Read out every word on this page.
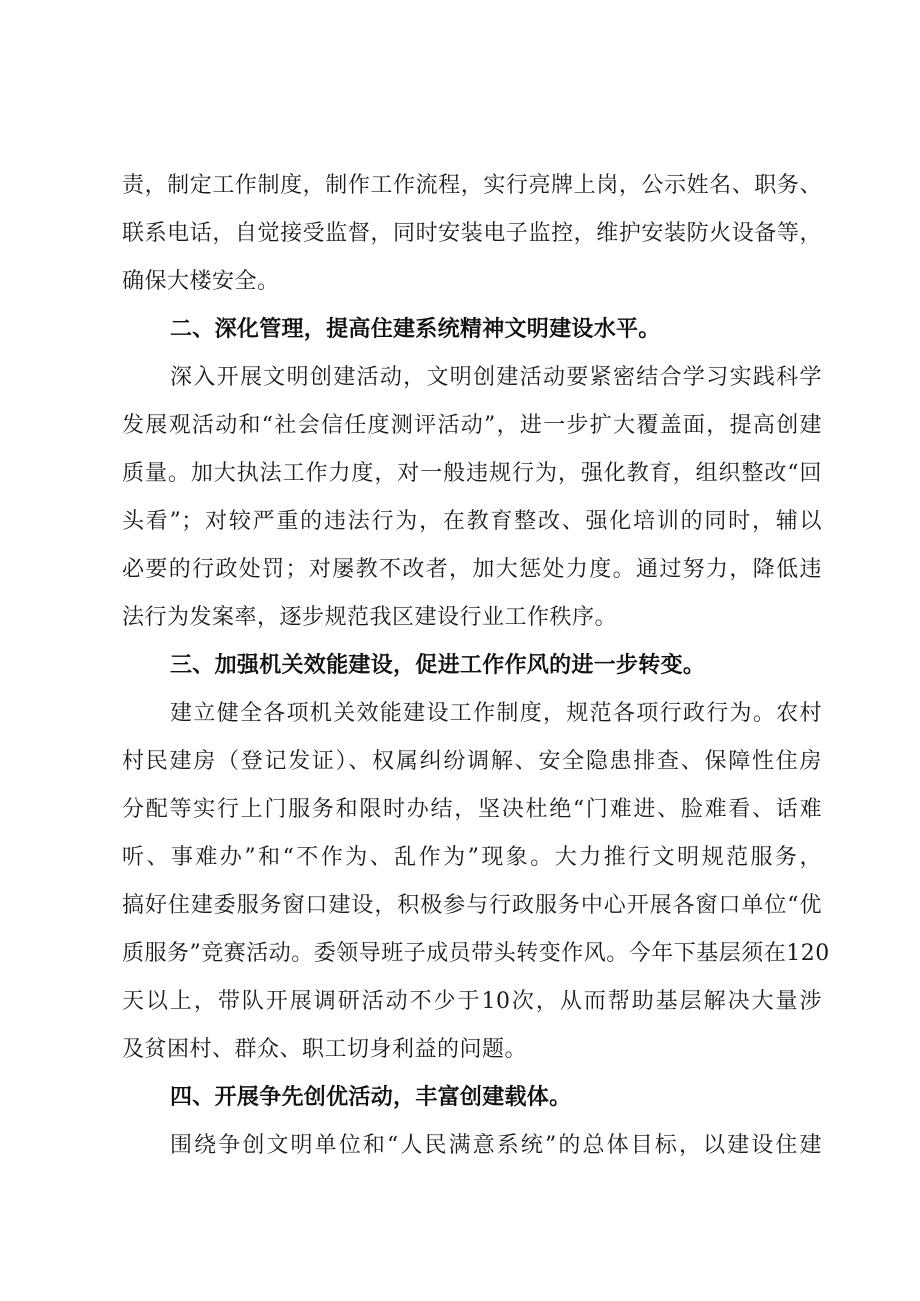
责，制定工作制度，制作工作流程，实行亮牌上岗，公示姓名、职务、
联系电话，自觉接受监督，同时安装电子监控，维护安装防火设备等，
确保大楼安全。
二、深化管理，提高住建系统精神文明建设水平。
深入开展文明创建活动，文明创建活动要紧密结合学习实践科学
发展观活动和“社会信任度测评活动”，进一步扩大覆盖面，提高创建
质量。加大执法工作力度，对一般违规行为，强化教育，组织整改“回
头看”；对较严重的违法行为，在教育整改、强化培训的同时，辅以
必要的行政处罚；对屡教不改者，加大惩处力度。通过努力，降低违
法行为发案率，逐步规范我区建设行业工作秩序。
三、加强机关效能建设，促进工作作风的进一步转变。
建立健全各项机关效能建设工作制度，规范各项行政行为。农村
村民建房（登记发证）、权属纠纷调解、安全隐患排查、保障性住房
分配等实行上门服务和限时办结，坚决杜绝“门难进、脸难看、话难
听、事难办”和“不作为、乱作为”现象。大力推行文明规范服务，
搞好住建委服务窗口建设，积极参与行政服务中心开展各窗口单位“优
质服务”竞赛活动。委领导班子成员带头转变作风。今年下基层须在120
天以上，带队开展调研活动不少于10次，从而帮助基层解决大量涉
及贫困村、群众、职工切身利益的问题。
四、开展争先创优活动，丰富创建载体。
围绕争创文明单位和“人民满意系统”的总体目标，以建设住建
